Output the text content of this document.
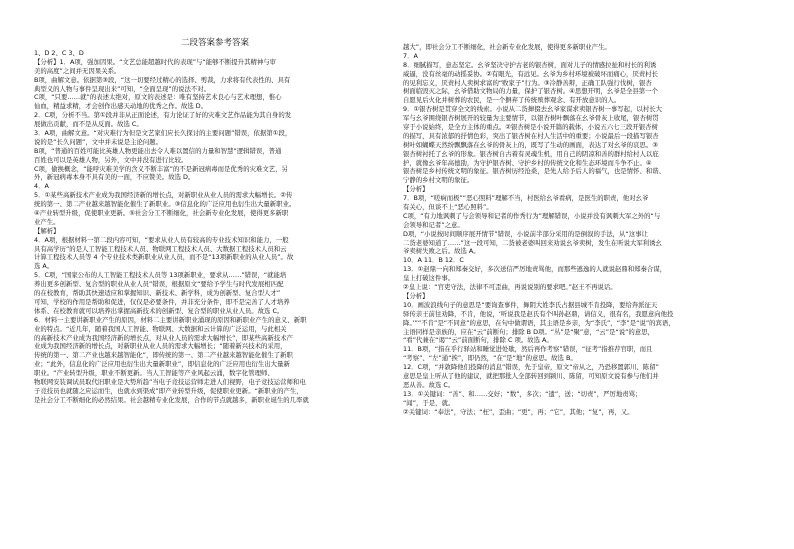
二段答案参考答案
1、D 2、C 3、D
【分析】1．A项，强加因果。“文艺总能超越时代的表现”与“能够不断提升其精神与审
美的高度”之间并无因果关系。
B项，曲解文意。依据第③段，“这一切要经过精心的选择、剪裁，力求将有代表性的、具有
典型义的人物与事件呈现出来”可知，“全面呈现”的说法不对。
C项，“只要……就”的表述太绝对，原文的表述是：唯有坚持艺术良心与艺术理想，惟心
仙血，精益求精，才会创作出感天动地的优秀之作。故选 D。
2．C项，分析不当。第①段并非从正面论述，有力论证了好的灾难文艺作品能为其自身的发
展做出贡献，而不是从反面。故选 C。
3．A项，曲解文意。“对灾难行为但是文艺家们应长久探讨的主要问题”错误，依据第①段，
说的是“长久问题”，文中并未说是主论问题。
B项，“普通的百姓可能比英雄人物更能出去令人难以置信的力量和智慧”逻辑错误，普通
百姓也可以是英雄人物，另外，文中并没有进行比较。
C项，偷换概念，“能呼灾难美学的含义不断丰富”的不是新冠病毒而是优秀的灾难文艺，另
外，新冠病毒本身不具有美的一面，不应赞美。故选 D。
4．A
5．①某些高新技术产业成为我国经济新的增长点，对新职业从业人员的需求大幅增长。②传
统的第一、第二产业越来越智能化催生了新职业。③信息化的广泛应用也衍生出大量新职业。
④产业转型升级，促使职业更新。⑤社会分工不断细化，社会新专业化发展，使得更多新职
业产生。
【解析】
4．A项，根据材料一第二段内容可知，“要求从业人员有较高的专业技术知识和能力，一般
具有高学历”的是人工智能工程技术人员、物联网工程技术人员、大数据工程技术人员和云
计算工程技术人员等 4 个专业技术类新职业从业人员，而不是“13项新职业的从业人员”。故
选 A。
5．C项，“国家公布的人工智能工程技术人员等 13项新职业，要求从……”错误，“就能培
养出更多创新型、复合型的职业从业人员”错误，根据原文“要给予学生与时代发展相匹配
的在校教育，帮助其快速适应和掌握知识、新技术、新学科，成为创新型、复合型人才”
可知，学校的作用是帮助和促进，仅仅是必要条件，并非充分条件，即不是完善了人才培养
体系、在校教育就可以培养出掌握高新技术的创新型、复合型的职业从业人员。故选 C。
6．材料一主要讲新职业产生的原因，材料二主要讲新职业涌现的原因和新职业产生的意义、新职
业的特点。“近几年，随着我国人工智能、物联网、大数据和云计算的广泛运用，与此相关
的高新技术产业成为我国经济新的增长点，对从业人员的需求大幅增长”，即某些高新技术产
业成为我国经济新的增长点，对新职业从业人员的需求大幅增长；“随着新兴技术的采用，
传统的第一、第二产业也越来越智能化”，即传统的第一、第二产业越来越智能化催生了新职
业；“此外，信息化的广泛应用也衍生出大量新职业”，即信息化的广泛应用也衍生出大量新
职业。“产业转型升级，职业不断更新。当人工智能等产业风起云涌，数字化管理师、
物联网安装调试员取代旧职业是大势所趋”当电子竞技运营师走进人们视野，电子竞技运营师和电
子竞技员也就随之应运而生，也就水到渠成”即产业转型升级，促使职业更新。“新职业的产生，
是社会分工不断细化的必然结果。社会越精专业化发展，合作的节点就越多，新职业诞生的几率就
越大”，即社会分工不断细化，社会新专业化发展，使得更多新职业产生。
7．A
8．细腻描写，意态坚定。幺爷坚决守护古老的银杏树，面对儿子的情感拉扯和村长的利诱
威逼，没有丝毫的动摇妥协。②有眼光，有远见。幺爷为乡村环境被破坏而痛心，厌责村长
的见利忘义，厌责村人卖树求富的“败家子”行为。③冷静善辩，正确工队强行伐树，银杏
树面临毁灭之际，幺爷借助文物局的力量，保护了银杏树。④思想开明，幺爷是全县第一个
自愿见后火化并树葬的农民，是一个摒弃了传统殡葬观念、有开放意识的人。
9．①银杏树是贯穿全文的线索。小说从二货撺掇去幺爷家谋求卖银杏树一事写起，以村长大
军与幺爷围绕银杏树展开的较量为主要情节，以银杏树叶飘落在幺爷骨灰上收尾，银杏树贯
穿于小说始终，是全方主体的重点。②银杏树是小说开篇的载体，小说五六七三段开银杏树
的描写，具有浓郁的抒情色彩，突出了银杏树在村人生活中的重要；小说最后一段描写银杏
树叶如蝴蝶天然纷飘飘落在幺爷的骨灰上的，既写了生动的画面，表达了对幺爷的哀思。③
银杏树衬托了幺爷的形象。银杏树自古着有灵魂生机，用自己的阴凉和善的群村给村人以庇
护，就像幺爷年高德劭，为守护银杏树、守护乡村的传统文化和生态环境而斗争不止。④
银杏树是乡村传统文明的象征。银杏树历经沧桑，是先人给予后人的福气，也是情怀、和谐、
宁静的乡村文明的象征。
【分析】
7．B项，“嗟痾而极”“恶心照料”理解不当，村医给幺爷看病，是医生的职责，他对幺爷
有关心，但谈不上“恶心照料”。
C项，“有力地讽刺了与会领导和记者的作秀行为”理解错误，小说并没有讽刺大军之外的“与
会领导和记者”之意。
D项，“小说按时间顺序展开情节”错误，小说前半部分采用的是倒叙的手法，从“这事让
二货老婆知道了……”这一段可知，二货被老婆叫回来劝说幺爷卖树，发生在听说大军利诱幺
爷卖树失败之后。故选 A。
10．A 11．B 12．C
13．①赵鼎一向和郑秦交好，多次送信严厉地责骂他，而那些逃逸的人就说赵鼎和郑秦合谋，
皇上打破这件事。
②皇上说：“官吏守法，法律不可歪曲，再说说别的要求吧。”赵王不再说话。
【分析】
10．画波浪线句子的意思是“要询查事件，舞阴大姓李氏占据县城不肯投降，要给奔派征天
驿传亲王前往劝降，不肯，他说，‘听说我是赵氏有个叫孙赵鼎，请信义，很有名，我愿意向他投
降。’”“不肯”是“不同意”的意思，在句中做谓语，其主语是乡亲，为“李氏”，“李”是“说”的宾语，
主语同样是亲族的，应在“云”前断句；排除 B D项。“丛”是“聚”意，“云”是“说”的意思，
“看”代兼在“谒”“云”前面断句，排除 C 项。故选 A。
11．B项，“指在乎行驿站和睡觉进处歇，然后再作考察”错误，“征考”指推荐官职，而且
“考察”、“左”通“挨”，即仍然，“在”是“地”的意思。故选 B。
12．C项，“并敦降他们投降的消息”错误，先于皇帝，原文“帝从之，乃恐移置郭川、陈留”
意思是皇上听从了他的建议，就把那批人全部转回到颍川、陈留，可知原文说有参与他们并
恶从善。故选 C。
13．①关键词：“善”、和……交好；“数”，多次；“遗”，送；“切责”，严厉地责骂；
“闻”，于是，就。
②关键词：“奉法”，守法；“枉”，歪曲；“更”，再；“它”，其他；“复”，再，又。
